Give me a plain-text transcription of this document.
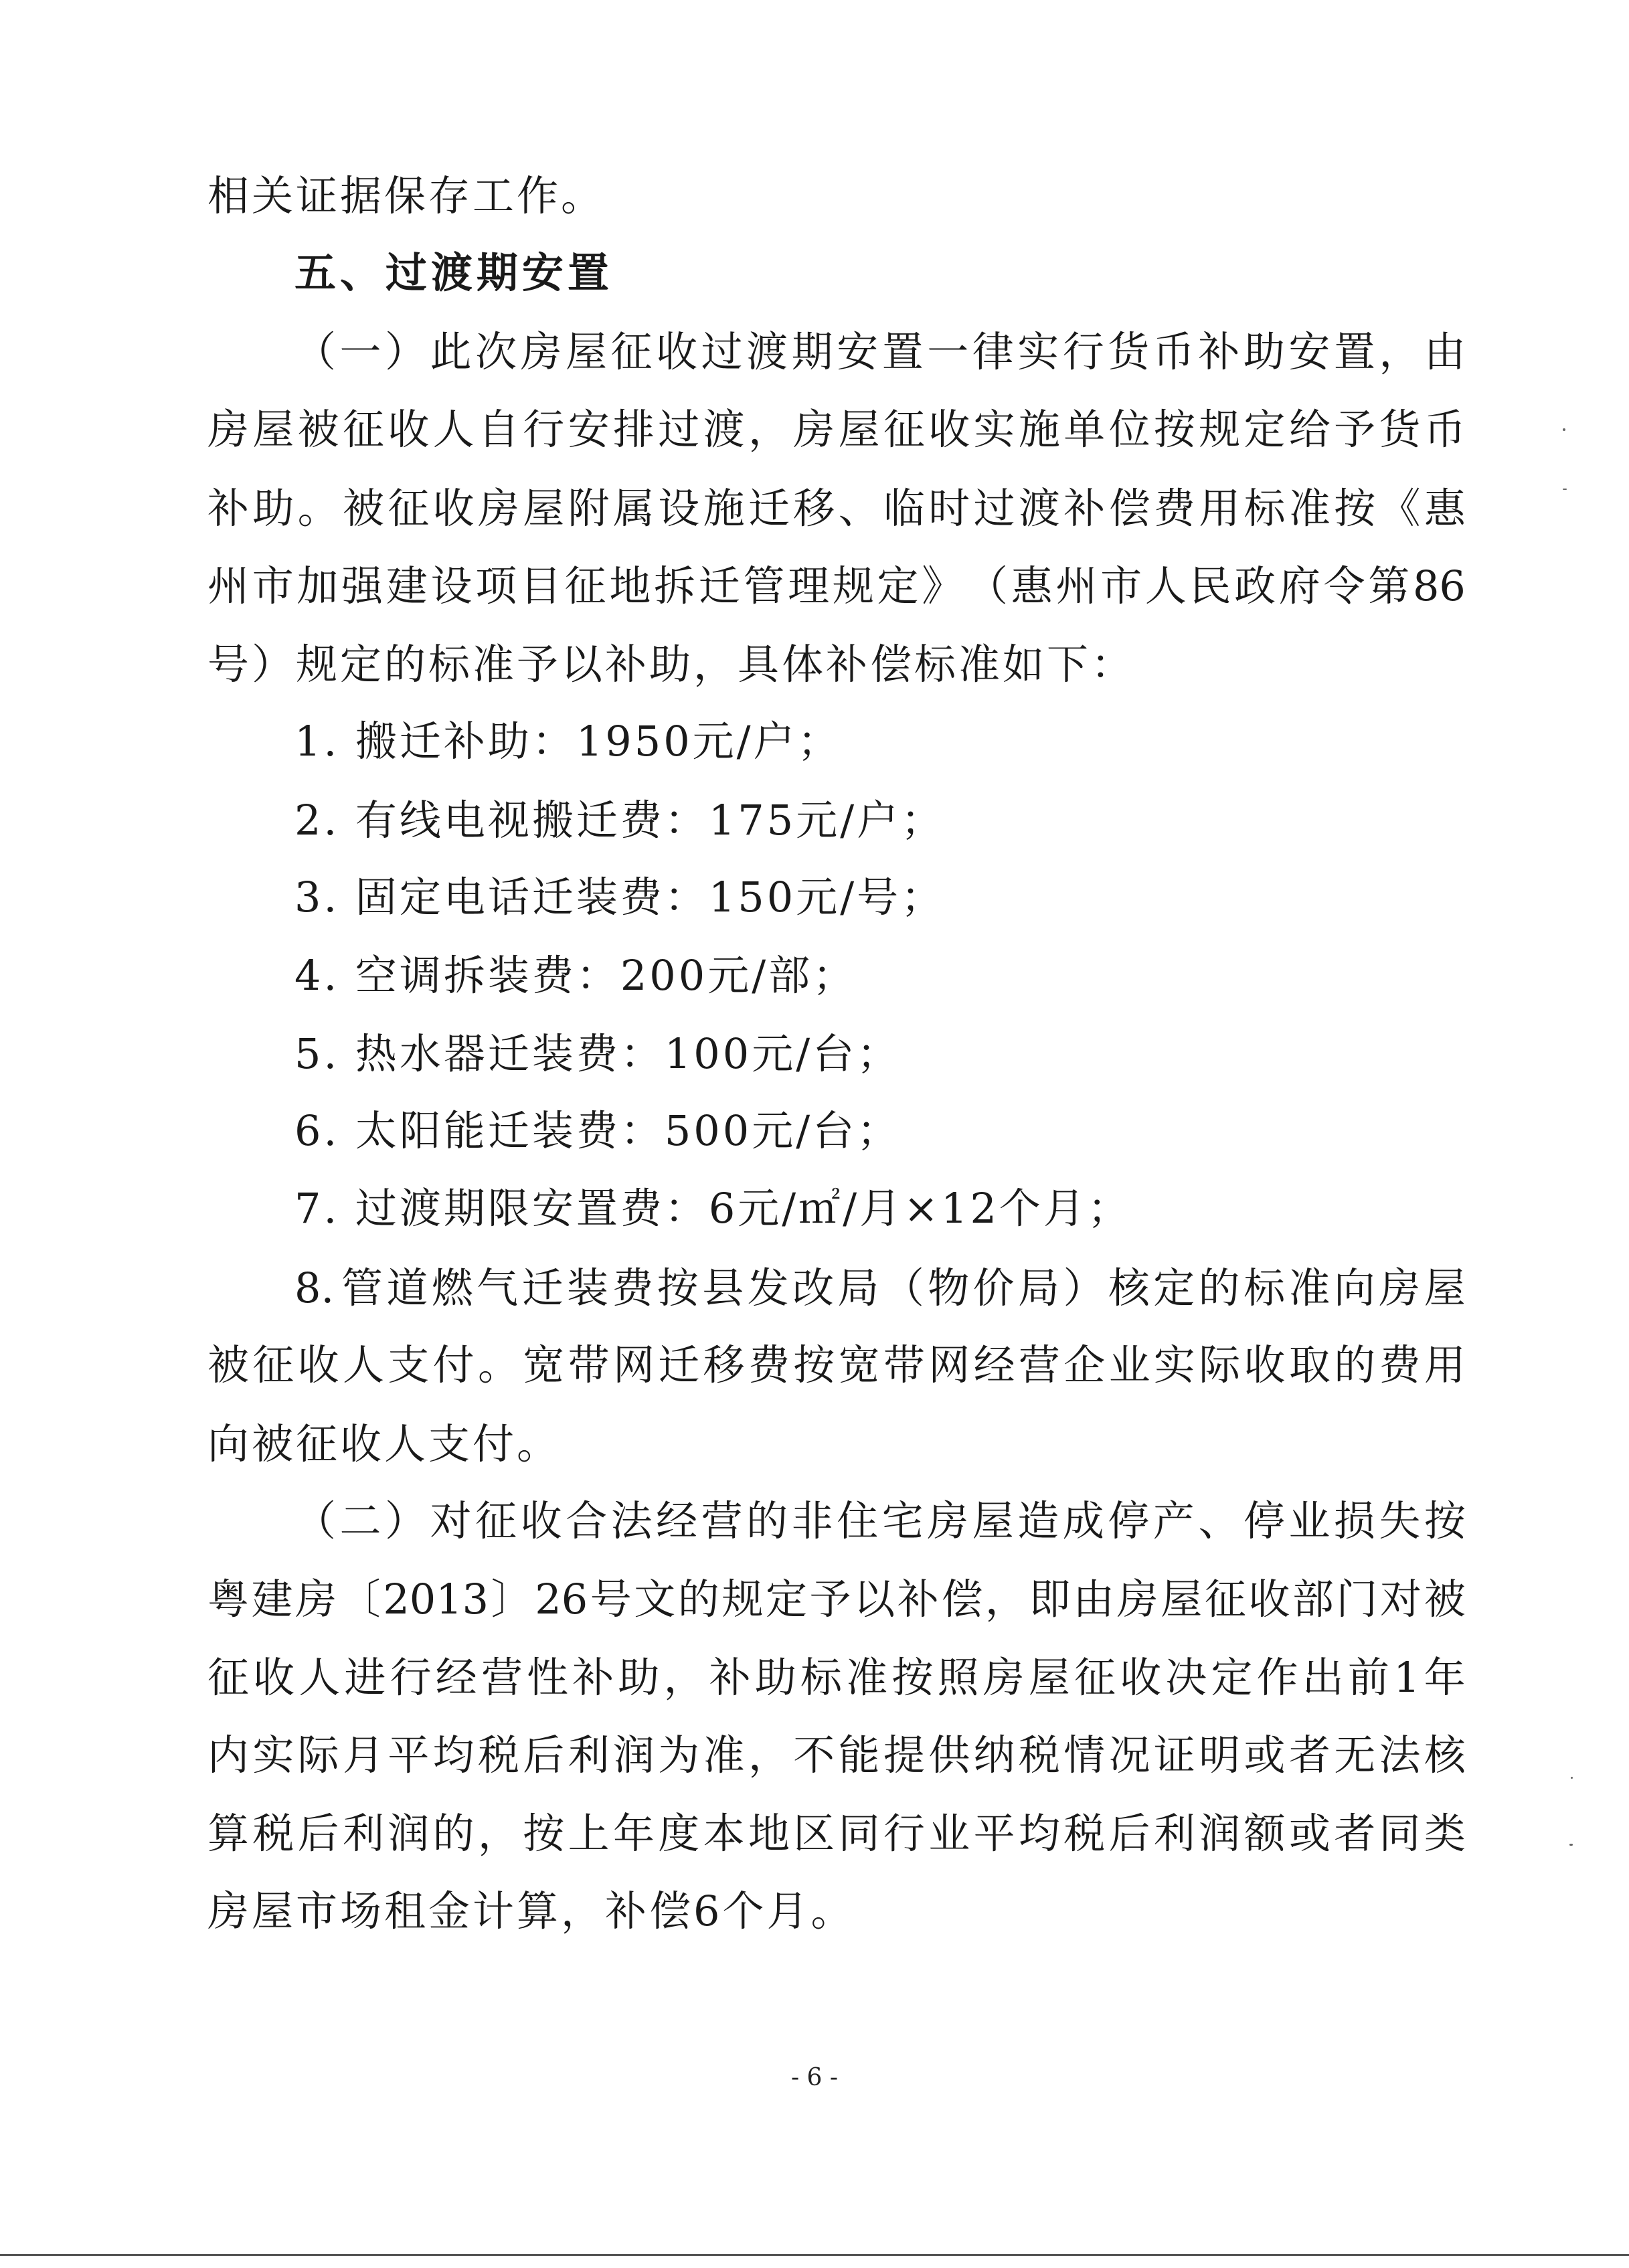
相关证据保存工作。
五、过渡期安置
（ 一 ） 此 次 房 屋 征 收 过 渡 期 安 置 一 律 实 行 货 币 补 助 安 置 ， 由
房 屋 被 征 收 人 自 行 安 排 过 渡 ， 房 屋 征 收 实 施 单 位 按 规 定 给 予 货 币
补 助 。 被 征 收 房 屋 附 属 设 施 迁 移 、 临 时 过 渡 补 偿 费 用 标 准 按 《 惠
州 市 加 强 建 设 项 目 征 地 拆 迁 管 理 规 定 》 （ 惠 州 市 人 民 政 府 令 第 86
号）规定的标准予以补助，具体补偿标准如下：
1. 搬迁补助：1950元/户；
2. 有线电视搬迁费：175元/户；
3. 固定电话迁装费：150元/号；
4. 空调拆装费：200元/部；
5. 热水器迁装费：100元/台；
6. 太阳能迁装费：500元/台；
7. 过渡期限安置费：6元/㎡/月×12个月；
8. 管 道 燃 气 迁 装 费 按 县 发 改 局 （ 物 价 局 ） 核 定 的 标 准 向 房 屋
被 征 收 人 支 付 。 宽 带 网 迁 移 费 按 宽 带 网 经 营 企 业 实 际 收 取 的 费 用
向被征收人支付。
（ 二 ） 对 征 收 合 法 经 营 的 非 住 宅 房 屋 造 成 停 产 、 停 业 损 失 按
粤 建 房 〔 2013 〕 26 号 文 的 规 定 予 以 补 偿 ， 即 由 房 屋 征 收 部 门 对 被
征 收 人 进 行 经 营 性 补 助 ， 补 助 标 准 按 照 房 屋 征 收 决 定 作 出 前 1 年
内 实 际 月 平 均 税 后 利 润 为 准 ， 不 能 提 供 纳 税 情 况 证 明 或 者 无 法 核
算 税 后 利 润 的 ， 按 上 年 度 本 地 区 同 行 业 平 均 税 后 利 润 额 或 者 同 类
房屋市场租金计算，补偿6个月。
- 6 -
